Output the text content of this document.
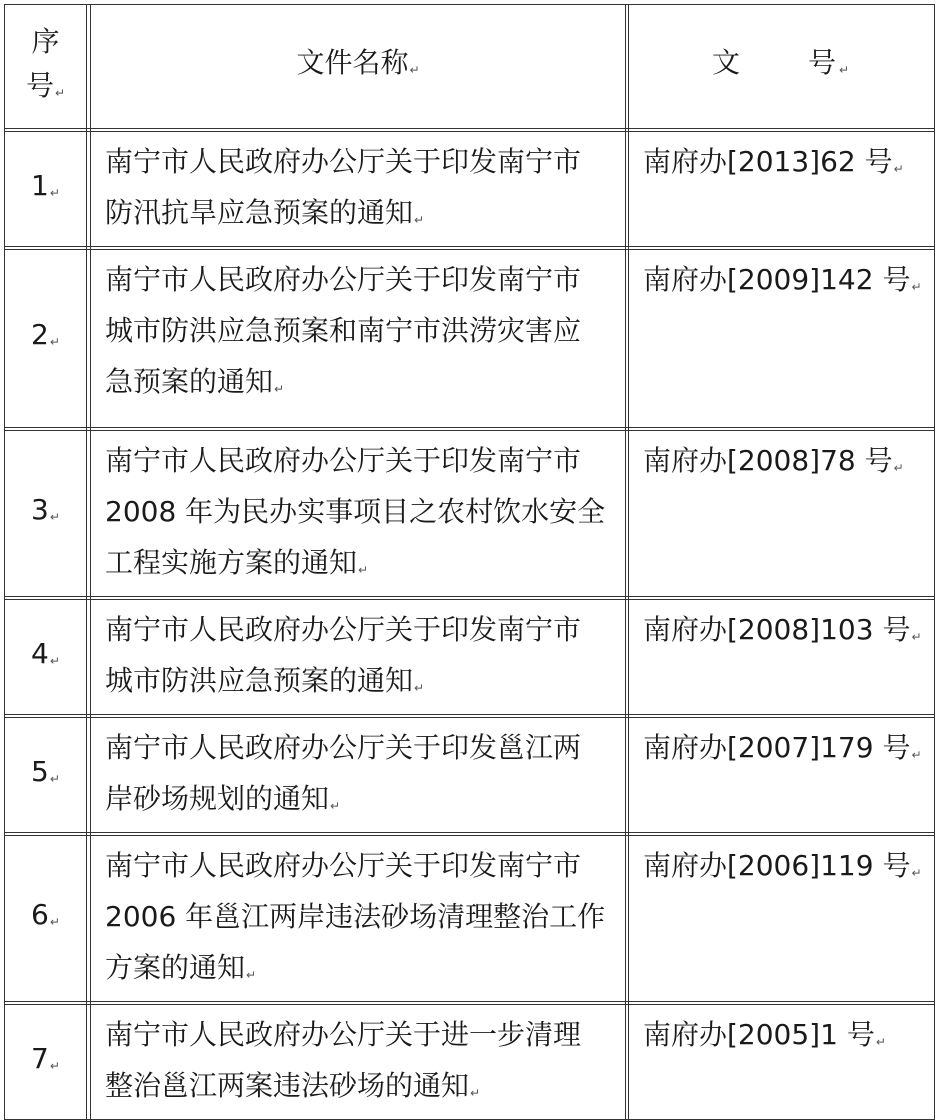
序
号↵		文件名称↵		文 号↵

1↵		南宁市人民政府办公厅关于印发南宁市
防汛抗旱应急预案的通知↵		南府办[2013]62 号↵

2↵		南宁市人民政府办公厅关于印发南宁市
城市防洪应急预案和南宁市洪涝灾害应
急预案的通知↵		南府办[2009]142 号↵

3↵		南宁市人民政府办公厅关于印发南宁市
2008 年为民办实事项目之农村饮水安全
工程实施方案的通知↵		南府办[2008]78 号↵

4↵		南宁市人民政府办公厅关于印发南宁市
城市防洪应急预案的通知↵		南府办[2008]103 号↵

5↵		南宁市人民政府办公厅关于印发邕江两
岸砂场规划的通知↵		南府办[2007]179 号↵

6↵		南宁市人民政府办公厅关于印发南宁市
2006 年邕江两岸违法砂场清理整治工作
方案的通知↵		南府办[2006]119 号↵

7↵		南宁市人民政府办公厅关于进一步清理
整治邕江两案违法砂场的通知↵		南府办[2005]1 号↵
